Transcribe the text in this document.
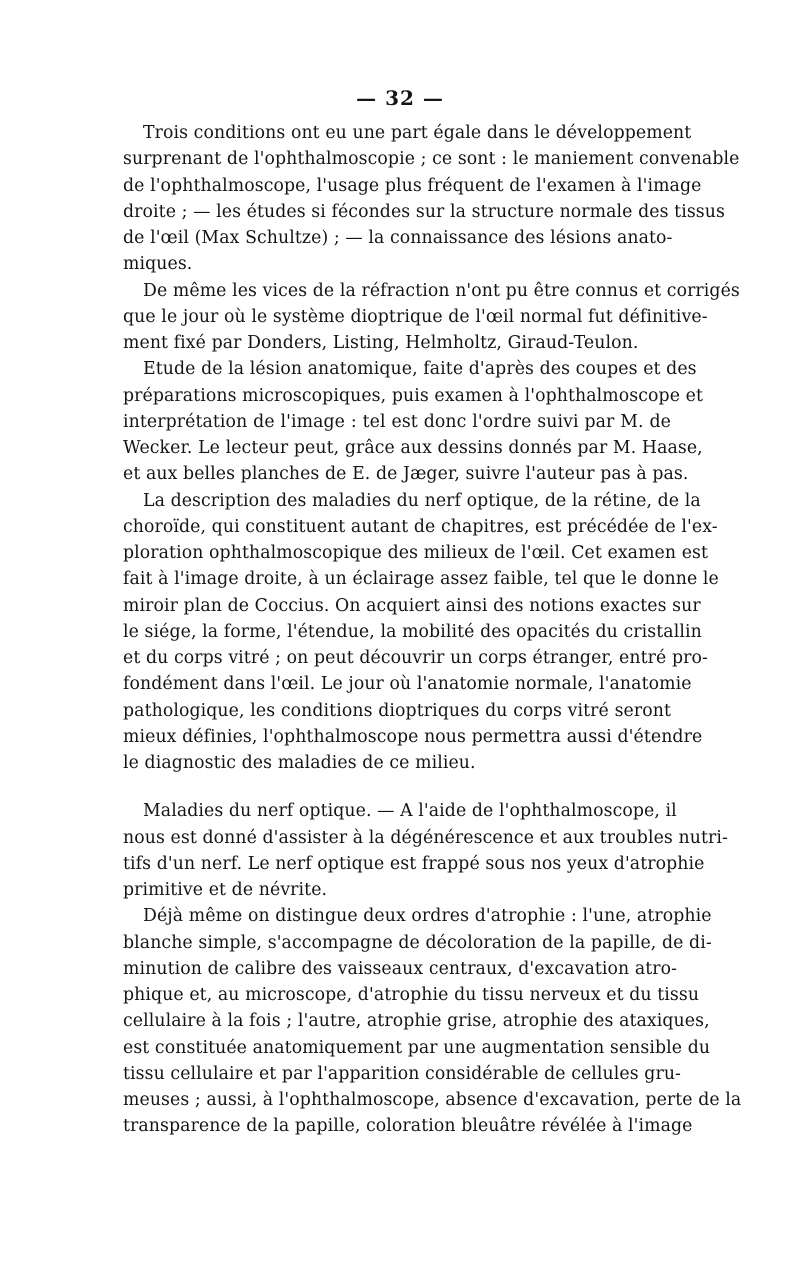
— 32 —
Trois conditions ont eu une part égale dans le développement
surprenant de l'ophthalmoscopie ; ce sont : le maniement convenable
de l'ophthalmoscope, l'usage plus fréquent de l'examen à l'image
droite ; — les études si fécondes sur la structure normale des tissus
de l'œil (Max Schultze) ; — la connaissance des lésions anato-
miques.
De même les vices de la réfraction n'ont pu être connus et corrigés
que le jour où le système dioptrique de l'œil normal fut définitive-
ment fixé par Donders, Listing, Helmholtz, Giraud-Teulon.
Etude de la lésion anatomique, faite d'après des coupes et des
préparations microscopiques, puis examen à l'ophthalmoscope et
interprétation de l'image : tel est donc l'ordre suivi par M. de
Wecker. Le lecteur peut, grâce aux dessins donnés par M. Haase,
et aux belles planches de E. de Jæger, suivre l'auteur pas à pas.
La description des maladies du nerf optique, de la rétine, de la
choroïde, qui constituent autant de chapitres, est précédée de l'ex-
ploration ophthalmoscopique des milieux de l'œil. Cet examen est
fait à l'image droite, à un éclairage assez faible, tel que le donne le
miroir plan de Coccius. On acquiert ainsi des notions exactes sur
le siége, la forme, l'étendue, la mobilité des opacités du cristallin
et du corps vitré ; on peut découvrir un corps étranger, entré pro-
fondément dans l'œil. Le jour où l'anatomie normale, l'anatomie
pathologique, les conditions dioptriques du corps vitré seront
mieux définies, l'ophthalmoscope nous permettra aussi d'étendre
le diagnostic des maladies de ce milieu.
Maladies du nerf optique. — A l'aide de l'ophthalmoscope, il
nous est donné d'assister à la dégénérescence et aux troubles nutri-
tifs d'un nerf. Le nerf optique est frappé sous nos yeux d'atrophie
primitive et de névrite.
Déjà même on distingue deux ordres d'atrophie : l'une, atrophie
blanche simple, s'accompagne de décoloration de la papille, de di-
minution de calibre des vaisseaux centraux, d'excavation atro-
phique et, au microscope, d'atrophie du tissu nerveux et du tissu
cellulaire à la fois ; l'autre, atrophie grise, atrophie des ataxiques,
est constituée anatomiquement par une augmentation sensible du
tissu cellulaire et par l'apparition considérable de cellules gru-
meuses ; aussi, à l'ophthalmoscope, absence d'excavation, perte de la
transparence de la papille, coloration bleuâtre révélée à l'image
